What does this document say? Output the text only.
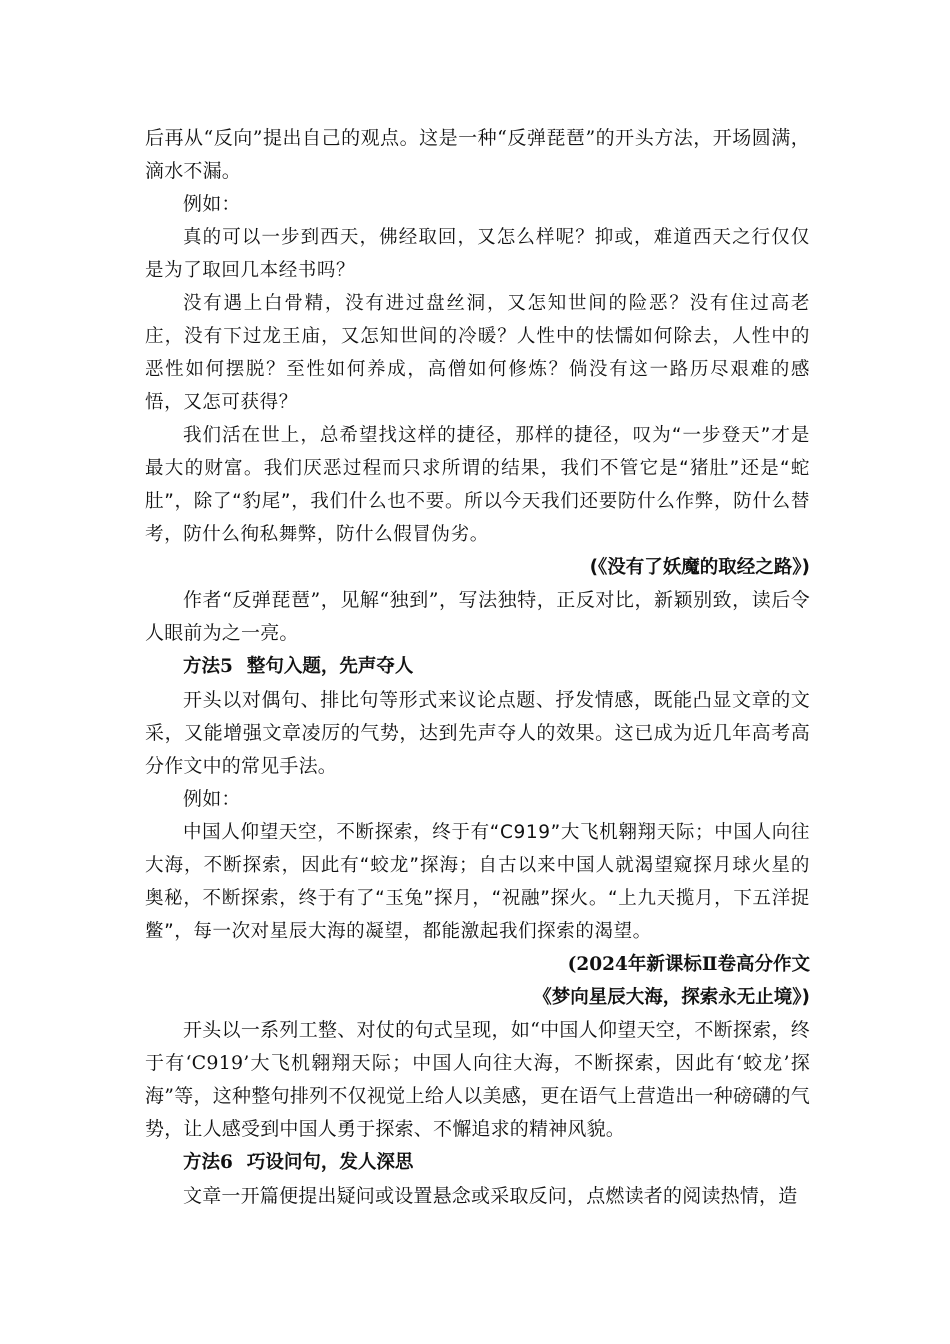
后再从“反向”提出自己的观点。这是一种“反弹琵琶”的开头方法，开场圆满，滴水不漏。

例如：

真的可以一步到西天，佛经取回，又怎么样呢？抑或，难道西天之行仅仅是为了取回几本经书吗？

没有遇上白骨精，没有进过盘丝洞，又怎知世间的险恶？没有住过高老庄，没有下过龙王庙，又怎知世间的冷暖？人性中的怯懦如何除去，人性中的恶性如何摆脱？至性如何养成，高僧如何修炼？倘没有这一路历尽艰难的感悟，又怎可获得？

我们活在世上，总希望找这样的捷径，那样的捷径，叹为“一步登天”才是最大的财富。我们厌恶过程而只求所谓的结果，我们不管它是“猪肚”还是“蛇肚”，除了“豹尾”，我们什么也不要。所以今天我们还要防什么作弊，防什么替考，防什么徇私舞弊，防什么假冒伪劣。

(《没有了妖魔的取经之路》)

作者“反弹琵琶”，见解“独到”，写法独特，正反对比，新颖别致，读后令人眼前为之一亮。

方法5 整句入题，先声夺人

开头以对偶句、排比句等形式来议论点题、抒发情感，既能凸显文章的文采，又能增强文章凌厉的气势，达到先声夺人的效果。这已成为近几年高考高分作文中的常见手法。

例如：

中国人仰望天空，不断探索，终于有“C919”大飞机翱翔天际；中国人向往大海，不断探索，因此有“蛟龙”探海；自古以来中国人就渴望窥探月球火星的奥秘，不断探索，终于有了“玉兔”探月，“祝融”探火。“上九天揽月，下五洋捉鳖”，每一次对星辰大海的凝望，都能激起我们探索的渴望。

(2024年新课标Ⅱ卷高分作文

《梦向星辰大海，探索永无止境》)

开头以一系列工整、对仗的句式呈现，如“中国人仰望天空，不断探索，终于有‘C919’大飞机翱翔天际；中国人向往大海，不断探索，因此有‘蛟龙’探海”等，这种整句排列不仅视觉上给人以美感，更在语气上营造出一种磅礴的气势，让人感受到中国人勇于探索、不懈追求的精神风貌。

方法6 巧设问句，发人深思

文章一开篇便提出疑问或设置悬念或采取反问，点燃读者的阅读热情，造
